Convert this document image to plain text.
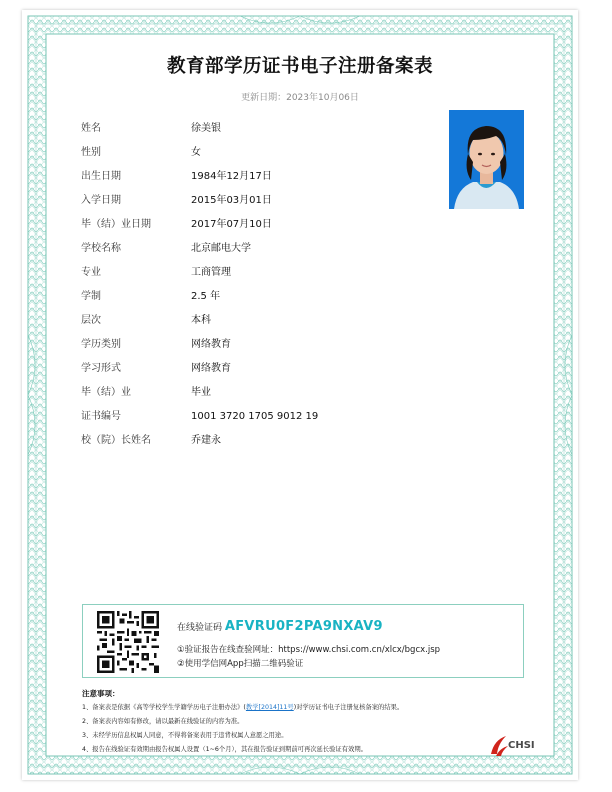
教育部学历证书电子注册备案表
更新日期：2023年10月06日
姓名	徐美银
性别	女
出生日期	1984年12月17日
入学日期	2015年03月01日
毕（结）业日期	2017年07月10日
学校名称	北京邮电大学
专业	工商管理
学制	2.5 年
层次	本科
学历类别	网络教育
学习形式	网络教育
毕（结）业	毕业
证书编号	1001 3720 1705 9012 19
校（院）长姓名	乔建永
在线验证码 AFVRU0F2PA9NXAV9
①验证报告在线查验网址：https://www.chsi.com.cn/xlcx/bgcx.jsp
②使用学信网App扫描二维码验证
注意事项：
1、备案表是依据《高等学校学生学籍学历电子注册办法》(教学[2014]11号)对学历证书电子注册复核备案的结果。
2、备案表内容如有修改，请以最新在线验证的内容为准。
3、未经学历信息权属人同意，不得将备案表用于违背权属人意愿之用途。
4、报告在线验证有效期由报告权属人设置（1~6个月），其在报告验证到期前可再次延长验证有效期。	CHSI
